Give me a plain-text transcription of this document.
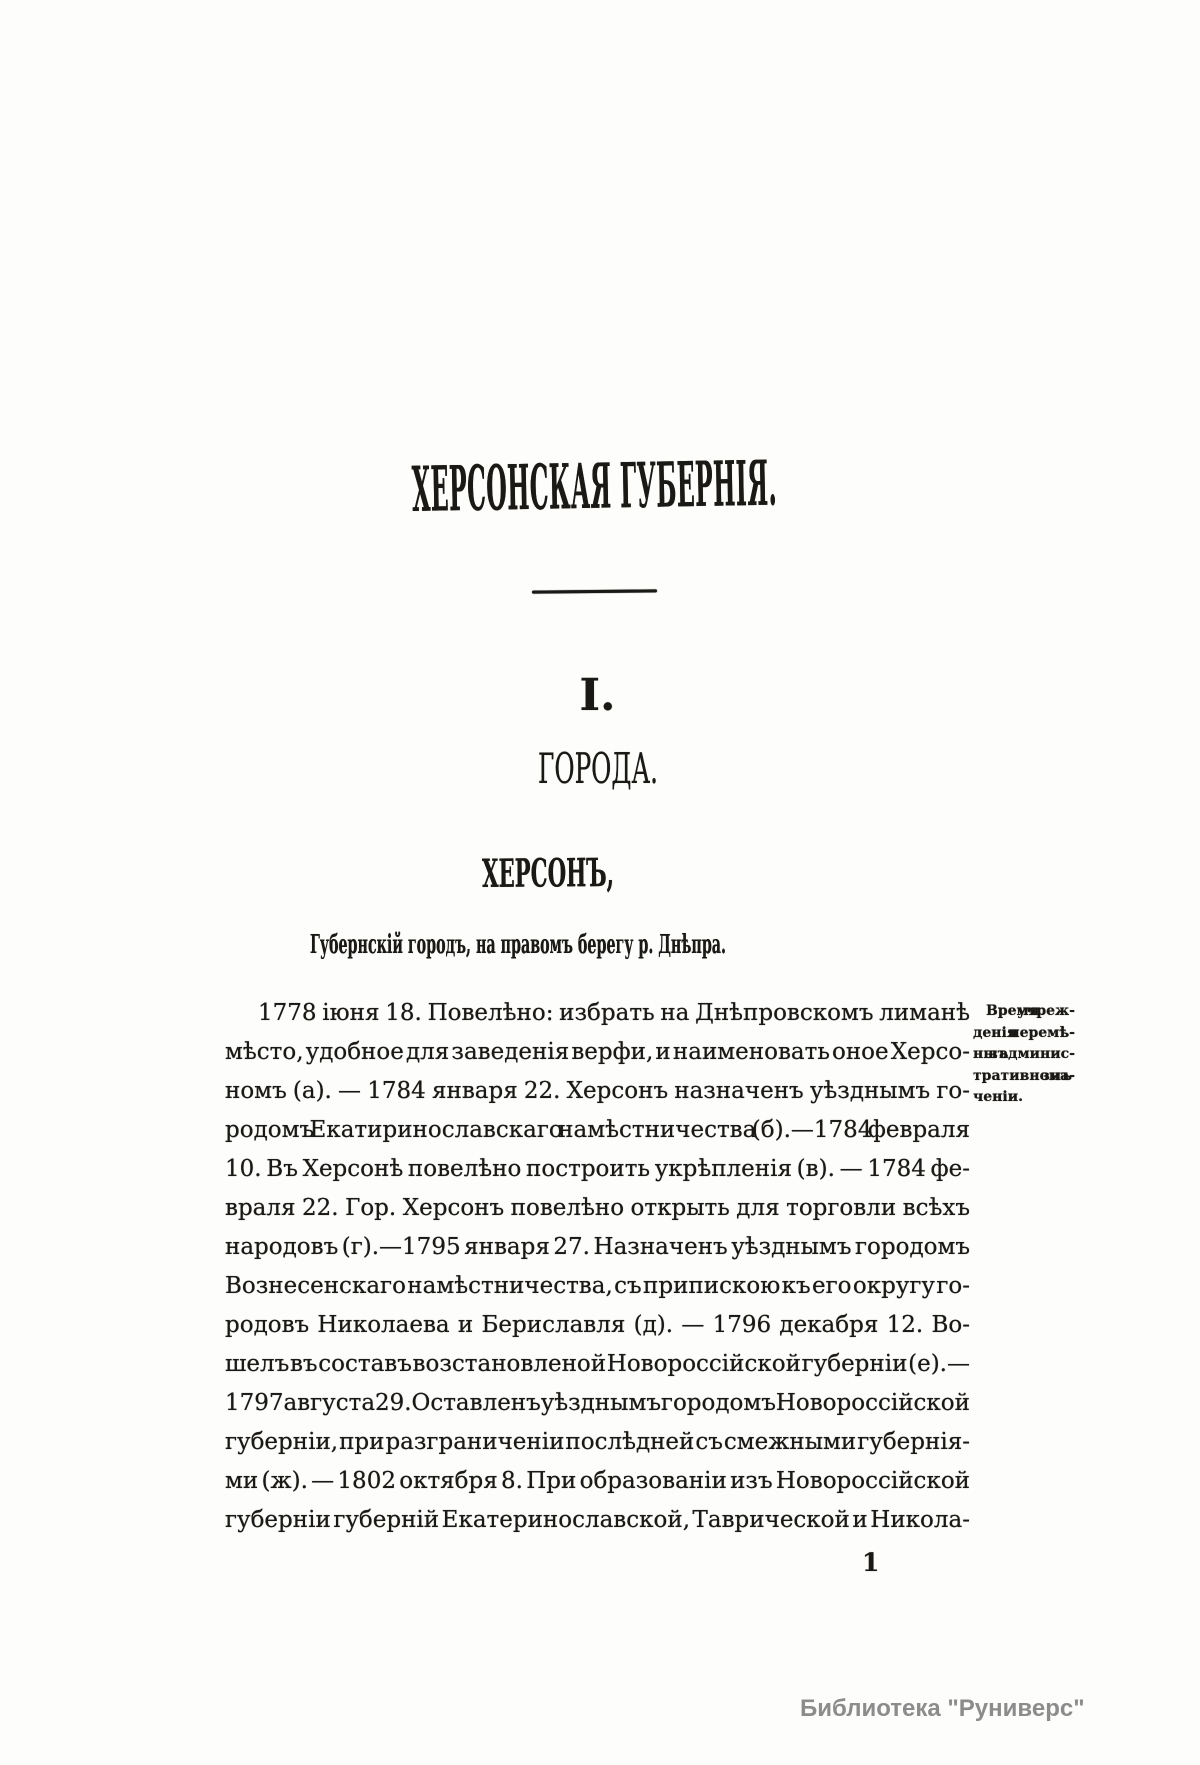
ХЕРСОНСКАЯ ГУБЕРНІЯ.
I.
ГОРОДА.
ХЕРСОНЪ,
Губернскій городъ, на правомъ берегу р. Днѣпра.
1778 іюня 18. Повелѣно: избрать на Днѣпровскомъ лиманѣ
мѣсто, удобное для заведенія верфи, и наименовать оное Херсо-
номъ (а). — 1784 января 22. Херсонъ назначенъ уѣзднымъ го-
родомъ Екатиринославскаго намѣстничества (б).—1784 февраля
10. Въ Херсонѣ повелѣно построить укрѣпленія (в). — 1784 фе-
враля 22. Гор. Херсонъ повелѣно открыть для торговли всѣхъ
народовъ (г).—1795 января 27. Назначенъ уѣзднымъ городомъ
Вознесенскаго намѣстничества, съ припискою къ его округу го-
родовъ Николаева и Бериславля (д). — 1796 декабря 12. Во-
шелъ въ составъ возстановленой Новороссійской губерніи (е).—
1797 августа 29. Оставленъ уѣзднымъ городомъ Новороссійской
губерніи, при разграниченіи послѣдней съ смежными губернія-
ми (ж). — 1802 октября 8. При образованіи изъ Новороссійской
губерніи губерній Екатеринославской, Таврической и Никола-
Время учреж-
денія и перемѣ-
ны въ админис-
тративномъ зна-
ченіи.
1
Библиотека "Руниверс"
